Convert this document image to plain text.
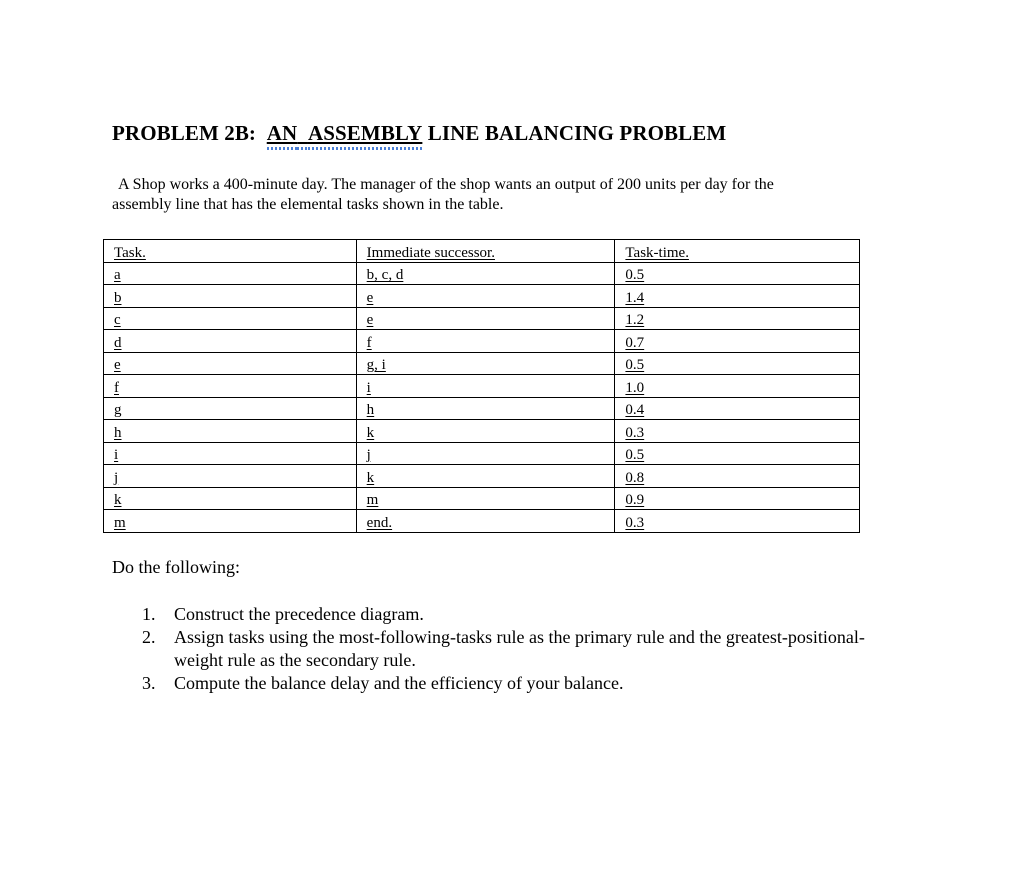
PROBLEM 2B: AN ASSEMBLY LINE BALANCING PROBLEM
A Shop works a 400-minute day. The manager of the shop wants an output of 200 units per day for the
assembly line that has the elemental tasks shown in the table.
Task.	Immediate successor.	Task-time.
a	b, c, d	0.5
b	e	1.4
c	e	1.2
d	f	0.7
e	g, i	0.5
f	i	1.0
g	h	0.4
h	k	0.3
i	j	0.5
j	k	0.8
k	m	0.9
m	end.	0.3
Do the following:
1. Construct the precedence diagram.
2. Assign tasks using the most-following-tasks rule as the primary rule and the greatest-positional-weight rule as the secondary rule.
3. Compute the balance delay and the efficiency of your balance.
